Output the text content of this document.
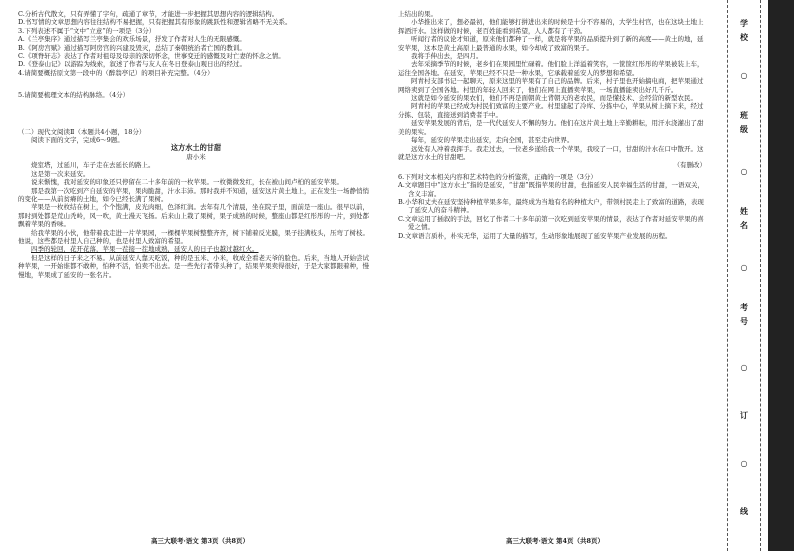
C.分析古代散文，只有弄懂了字句，疏通了章节，才能进一步把握其思想内容的逻辑结构。

D.书写情的文章思想内容往往结构不易把握，只有把握其有形象的跳跃性和逻辑省略不无关系。

3.下列表述不属于“文中”立意”的一项是（3分）

A.《兰亭集序》通过描写兰亭集会的欢乐场景，抒发了作者对人生的无限感慨。

B.《阿房宫赋》通过描写阿房宫的兴建及毁灭，总结了秦朝统治者亡国的教训。

C.《项脊轩志》表达了作者对祖母及母亲的深切怀念，世事变迁的感慨及对亡妻的怀念之情。

D.《登泰山记》以游踪为线索，叙述了作者与友人在冬日登泰山观日出的经过。

4.请简要概括原文第一段中的（醉翁亭记）的项目补充完整。（4分）

5.请简要梳理文本的结构脉络。（4分）

（二）现代文阅读Ⅱ（本题共4小题，18分）

阅读下面的文字，完成6～9题。

这方水土的甘甜

唐小米

烧室塔，过延川，车子走在去延长的路上。

这是第一次来延安。

说来惭愧，我对延安的印象还只停留在二十多年前的一枚苹果。一枚微微发红，长在被山间卢柏的延安苹果。

那是我第一次吃到产自延安的苹果，果肉脆甜，汁水丰沛。那时我并不知道，延安这片黄土地上，正在发生一场静悄悄的变化——从前贫瘠的土地，如今已经长满了果树。

苹果是一枚枚结在树上，个个饱满，皮光肉细，色泽红润。去年有几个清晨，坐在院子里，面前是一座山。很早以前，那时到处都是荒山秃岭，风一吹，黄土漫天飞扬。后来山上栽了果树，果子成熟的时候，整座山都是红彤彤的一片，到处都飘着苹果的香味。

给我苹果的小伙，他带着我走进一片苹果园，一棵棵苹果树整整齐齐，树下铺着反光膜，果子挂满枝头，压弯了树枝。他说，这些都是村里人自己种的，也是村里人致富的希望。

四季的轮回，花开花落，苹果一茬接一茬地成熟，延安人的日子也越过越红火。

但是这样的日子来之不易。从前延安人靠天吃饭，种的是玉米、小米，收成全看老天爷的脸色。后来，当地人开始尝试种苹果，一开始谁都不敢种，怕种不活，怕卖不出去。是一些先行者带头种了，结果苹果卖得很好，于是大家都跟着种，慢慢地，苹果成了延安的一张名片。

上结出的果。

小华推出来了，想必最初，他们能够打拼进出来的时候是十分不容易的，大学生村官，也在这块土地上挥洒汗水。这样做的时候，老百姓能看到希望，人人都有了干劲。

听闻行者的议论才知道，原来他们都种了一样，就是将苹果的品质提升到了新的高度——黄土的地，延安苹果，这本是黄土高原上最普通的水果，如今却成了致富的果子。

我将手伸出去，是四月。

去年采摘季节的时候，老乡们在果园里忙碌着。他们脸上洋溢着笑容，一筐筐红彤彤的苹果被装上车，运往全国各地。在延安，苹果已经不只是一种水果，它承载着延安人的梦想和希望。

阿青村支部书记一起聊天，原来这里的苹果有了自己的品牌。后来，村子里也开始搞电商，把苹果通过网络卖到了全国各地。村里的年轻人回来了，他们在网上直播卖苹果，一场直播能卖出好几千斤。

这就是如今延安的果农们，他们不再是面朝黄土背朝天的老农民，而是懂技术、会经营的新型农民。

阿青村的苹果已经成为村民们致富的主要产业。村里建起了冷库、分拣中心，苹果从树上摘下来，经过分拣、包装，直接送到消费者手中。

延安苹果发展的背后，是一代代延安人不懈的努力。他们在这片黄土地上辛勤耕耘，用汗水浇灌出了甜美的果实。

每年，延安的苹果走出延安，走向全国，甚至走向世界。

远处有人冲着我挥手。我走过去，一位老乡递给我一个苹果，我咬了一口，甘甜的汁水在口中散开。这就是这方水土的甘甜吧。

（有删改）

6.下列对文本相关内容和艺术特色的分析鉴赏，正确的一项是（3分）

A.文章题目中“这方水土”指的是延安，“甘甜”既指苹果的甘甜，也指延安人民幸福生活的甘甜，一语双关，含义丰富。

B.小华和丈夫在延安坚持种植苹果多年，最终成为当地有名的种植大户，带领村民走上了致富的道路，表现了延安人的奋斗精神。

C.文章运用了插叙的手法，回忆了作者二十多年前第一次吃到延安苹果的情景，表达了作者对延安苹果的喜爱之情。

D.文章语言质朴，朴实无华，运用了大量的描写，生动形象地展现了延安苹果产业发展的历程。

高三大联考·语文 第3页（共8页）	高三大联考·语文 第4页（共8页）
学
校
○
班
级
○
姓
名
○
考
号
○
订
○
线
